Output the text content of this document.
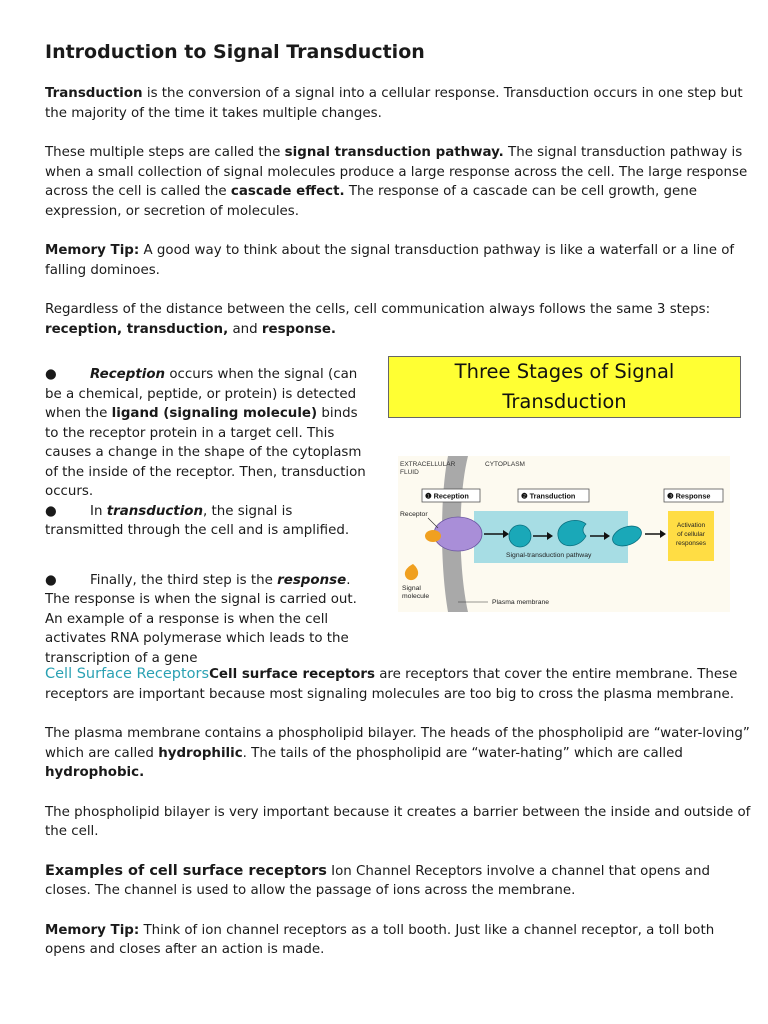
Introduction to Signal Transduction

Transduction is the conversion of a signal into a cellular response. Transduction occurs in one step but the majority of the time it takes multiple changes.

These multiple steps are called the signal transduction pathway. The signal transduction pathway is when a small collection of signal molecules produce a large response across the cell. The large response across the cell is called the cascade effect. The response of a cascade can be cell growth, gene expression, or secretion of molecules.

Memory Tip: A good way to think about the signal transduction pathway is like a waterfall or a line of falling dominoes.

Regardless of the distance between the cells, cell communication always follows the same 3 steps: reception, transduction, and response.

● Reception occurs when the signal (can be a chemical, peptide, or protein) is detected when the ligand (signaling molecule) binds to the receptor protein in a target cell. This causes a change in the shape of the cytoplasm of the inside of the receptor. Then, transduction occurs.
● In transduction, the signal is transmitted through the cell and is amplified.
● Finally, the third step is the response. The response is when the signal is carried out. An example of a response is when the cell activates RNA polymerase which leads to the transcription of a gene
Three Stages of Signal Transduction
EXTRACELLULAR
FLUID
CYTOPLASM
❶ Reception	❷ Transduction	❸ Response
Signal-transduction pathway
Activation
of cellular
responses
Receptor
Signal
molecule
Plasma membrane

Cell Surface ReceptorsCell surface receptors are receptors that cover the entire membrane. These receptors are important because most signaling molecules are too big to cross the plasma membrane.

The plasma membrane contains a phospholipid bilayer. The heads of the phospholipid are “water-loving” which are called hydrophilic. The tails of the phospholipid are “water-hating” which are called hydrophobic.

The phospholipid bilayer is very important because it creates a barrier between the inside and outside of the cell.

Examples of cell surface receptors Ion Channel Receptors involve a channel that opens and closes. The channel is used to allow the passage of ions across the membrane.

Memory Tip: Think of ion channel receptors as a toll booth. Just like a channel receptor, a toll both opens and closes after an action is made.
